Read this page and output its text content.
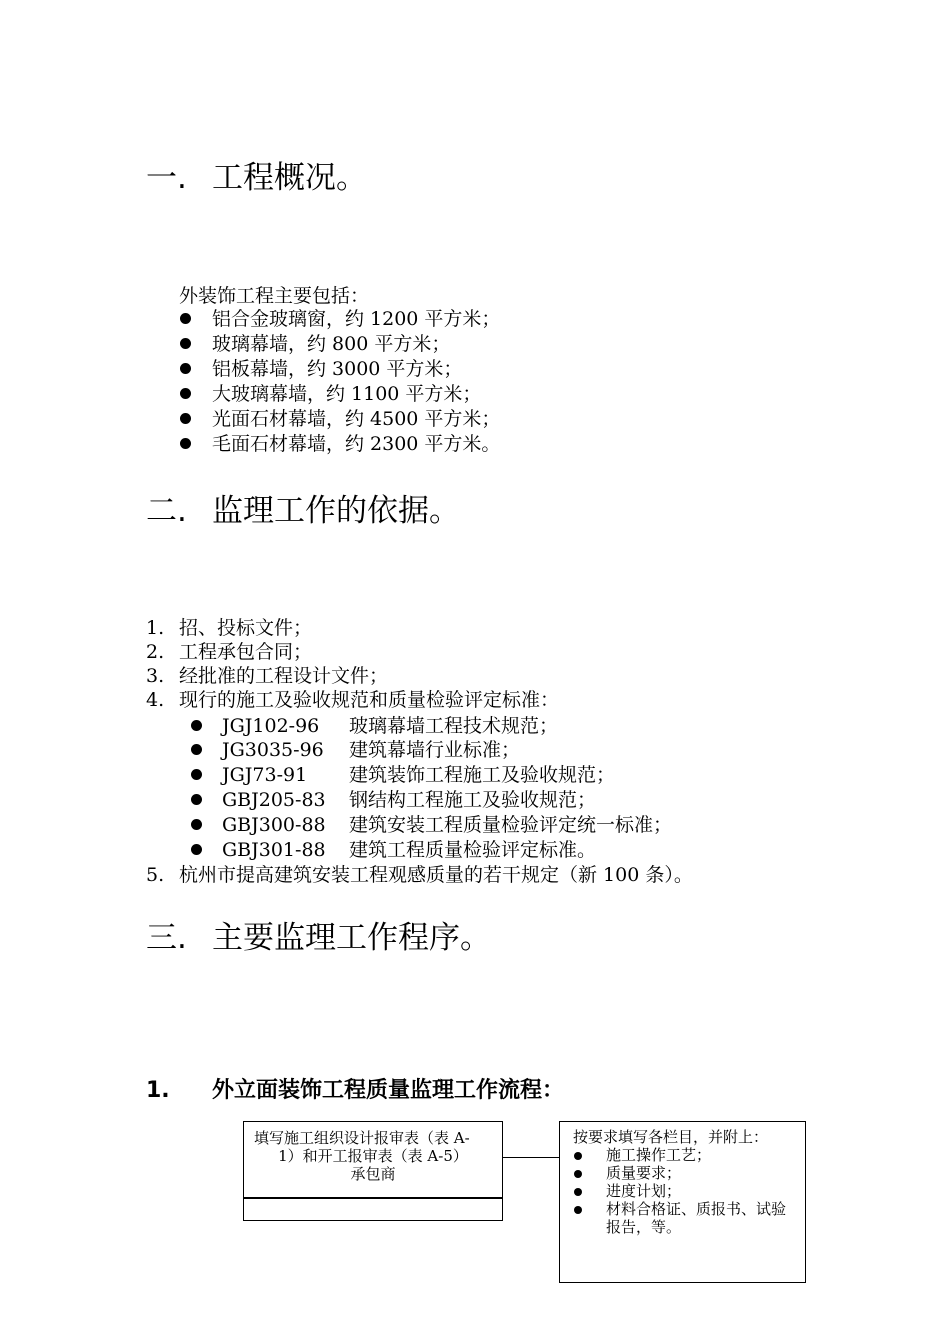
一. 工程概况。
外装饰工程主要包括：
铝合金玻璃窗，约 1200 平方米；
玻璃幕墙，约 800 平方米；
铝板幕墙，约 3000 平方米；
大玻璃幕墙，约 1100 平方米；
光面石材幕墙，约 4500 平方米；
毛面石材幕墙，约 2300 平方米。
二. 监理工作的依据。
1. 招、投标文件；
2. 工程承包合同；
3. 经批准的工程设计文件；
4. 现行的施工及验收规范和质量检验评定标准：
JGJ102-96 玻璃幕墙工程技术规范；
JG3035-96 建筑幕墙行业标准；
JGJ73-91 建筑装饰工程施工及验收规范；
GBJ205-83 钢结构工程施工及验收规范；
GBJ300-88 建筑安装工程质量检验评定统一标准；
GBJ301-88 建筑工程质量检验评定标准。
5. 杭州市提高建筑安装工程观感质量的若干规定（新 100 条）。
三. 主要监理工作程序。
1. 外立面装饰工程质量监理工作流程：
填写施工组织设计报审表（表 A-
1）和开工报审表（表 A-5）
承包商
按要求填写各栏目，并附上：
施工操作工艺；
质量要求；
进度计划；
材料合格证、质报书、试验
报告，等。
